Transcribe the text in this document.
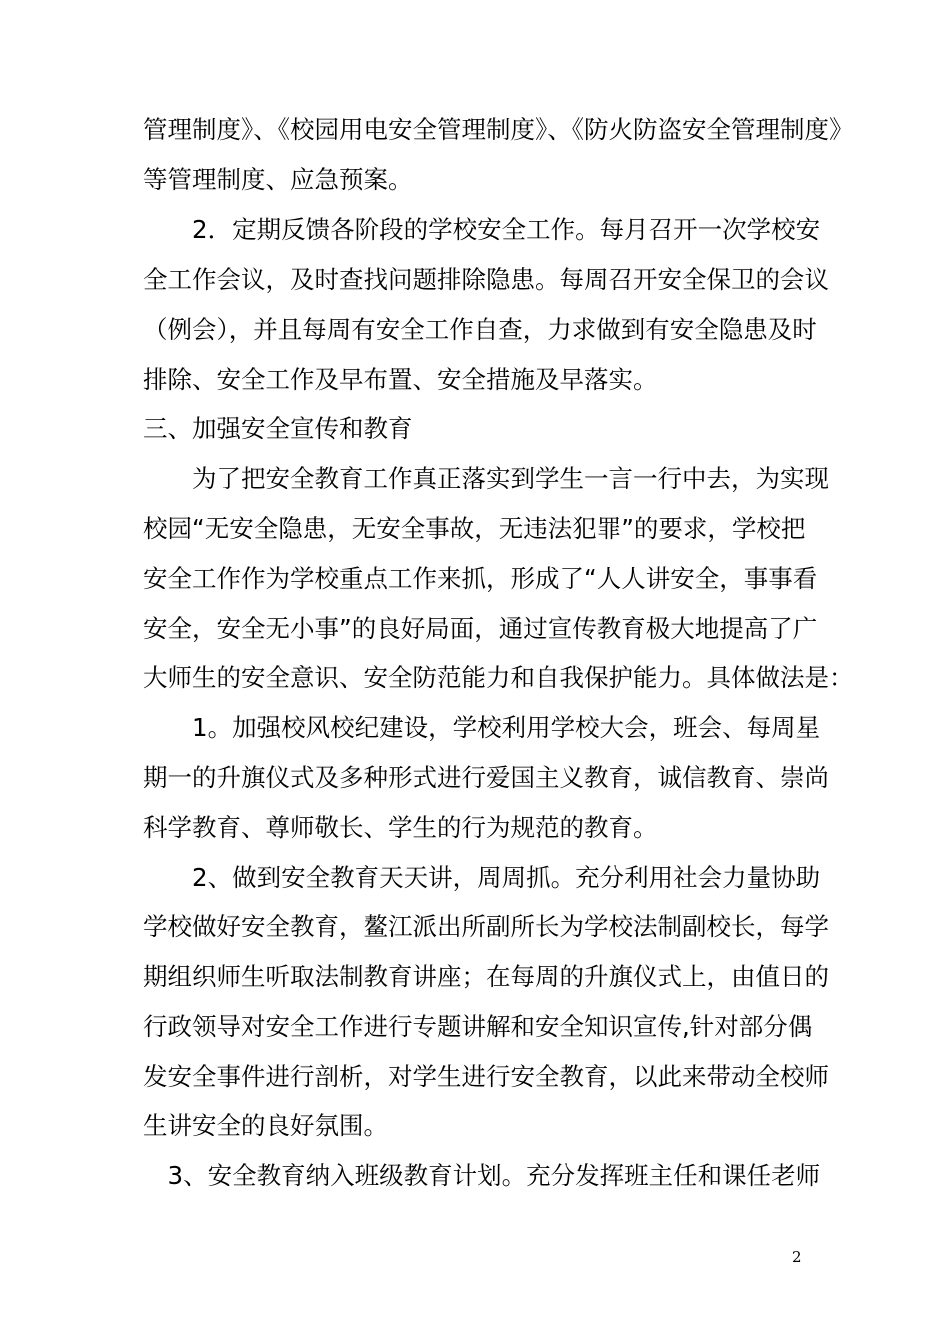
管理制度》、《校园用电安全管理制度》、《防火防盗安全管理制度》
等管理制度、应急预案。
　　2．定期反馈各阶段的学校安全工作。每月召开一次学校安
全工作会议，及时查找问题排除隐患。每周召开安全保卫的会议
（例会），并且每周有安全工作自查，力求做到有安全隐患及时
排除、安全工作及早布置、安全措施及早落实。
三、加强安全宣传和教育
　　为了把安全教育工作真正落实到学生一言一行中去，为实现
校园“无安全隐患，无安全事故，无违法犯罪”的要求，学校把
安全工作作为学校重点工作来抓，形成了“人人讲安全，事事看
安全，安全无小事”的良好局面，通过宣传教育极大地提高了广
大师生的安全意识、安全防范能力和自我保护能力。具体做法是：
　　1。加强校风校纪建设，学校利用学校大会，班会、每周星
期一的升旗仪式及多种形式进行爱国主义教育，诚信教育、崇尚
科学教育、尊师敬长、学生的行为规范的教育。
　　2、做到安全教育天天讲，周周抓。充分利用社会力量协助
学校做好安全教育，鳌江派出所副所长为学校法制副校长，每学
期组织师生听取法制教育讲座；在每周的升旗仪式上，由值日的
行政领导对安全工作进行专题讲解和安全知识宣传,针对部分偶
发安全事件进行剖析，对学生进行安全教育，以此来带动全校师
生讲安全的良好氛围。
　3、安全教育纳入班级教育计划。充分发挥班主任和课任老师
2
